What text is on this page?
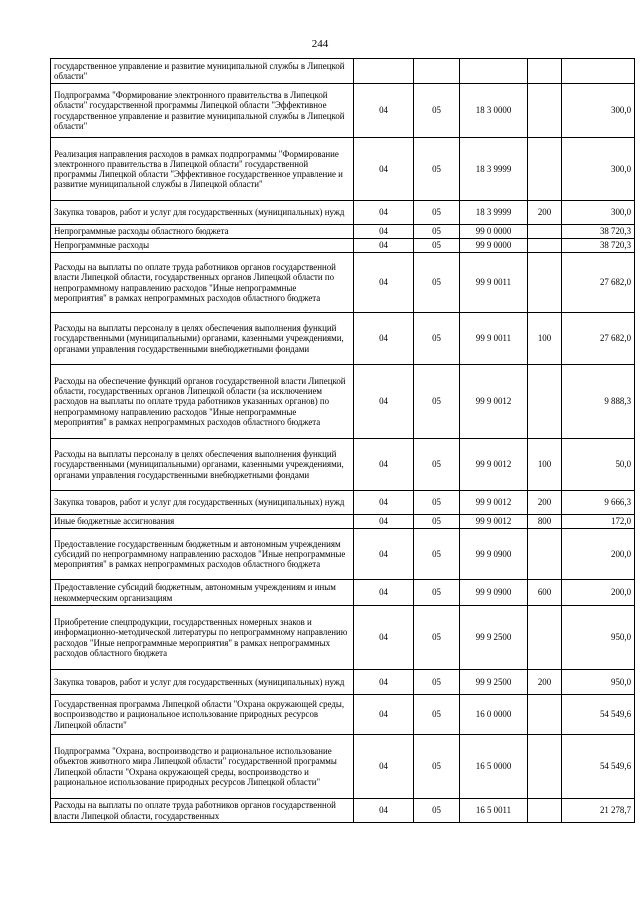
244
государственное управление и развитие муниципальной службы в Липецкой области"					
Подпрограмма "Формирование электронного правительства в Липецкой области" государственной программы Липецкой области "Эффективное государственное управление и развитие муниципальной службы в Липецкой области"	04	05	18 3 0000		300,0
Реализация направления расходов в рамках подпрограммы "Формирование электронного правительства в Липецкой области" государственной программы Липецкой области "Эффективное государственное управление и развитие муниципальной службы в Липецкой области"	04	05	18 3 9999		300,0
Закупка товаров, работ и услуг для государственных (муниципальных) нужд	04	05	18 3 9999	200	300,0
Непрограммные расходы областного бюджета	04	05	99 0 0000		38 720,3
Непрограммные расходы	04	05	99 9 0000		38 720,3
Расходы на выплаты по оплате труда работников органов государственной власти Липецкой области, государственных органов Липецкой области по непрограммному направлению расходов "Иные непрограммные мероприятия" в рамках непрограммных расходов областного бюджета	04	05	99 9 0011		27 682,0
Расходы на выплаты персоналу в целях обеспечения выполнения функций государственными (муниципальными) органами, казенными учреждениями, органами управления государственными внебюджетными фондами	04	05	99 9 0011	100	27 682,0
Расходы на обеспечение функций органов государственной власти Липецкой области, государственных органов Липецкой области (за исключением расходов на выплаты по оплате труда работников указанных органов) по непрограммному направлению расходов "Иные непрограммные мероприятия" в рамках непрограммных расходов областного бюджета	04	05	99 9 0012		9 888,3
Расходы на выплаты персоналу в целях обеспечения выполнения функций государственными (муниципальными) органами, казенными учреждениями, органами управления государственными внебюджетными фондами	04	05	99 9 0012	100	50,0
Закупка товаров, работ и услуг для государственных (муниципальных) нужд	04	05	99 9 0012	200	9 666,3
Иные бюджетные ассигнования	04	05	99 9 0012	800	172,0
Предоставление государственным бюджетным и автономным учреждениям субсидий по непрограммному направлению расходов "Иные непрограммные мероприятия" в рамках непрограммных расходов областного бюджета	04	05	99 9 0900		200,0
Предоставление субсидий бюджетным, автономным учреждениям и иным некоммерческим организациям	04	05	99 9 0900	600	200,0
Приобретение спецпродукции, государственных номерных знаков и информационно-методической литературы по непрограммному направлению расходов "Иные непрограммные мероприятия" в рамках непрограммных расходов областного бюджета	04	05	99 9 2500		950,0
Закупка товаров, работ и услуг для государственных (муниципальных) нужд	04	05	99 9 2500	200	950,0
Государственная программа Липецкой области "Охрана окружающей среды, воспроизводство и рациональное использование природных ресурсов Липецкой области"	04	05	16 0 0000		54 549,6
Подпрограмма "Охрана, воспроизводство и рациональное использование объектов животного мира Липецкой области" государственной программы Липецкой области "Охрана окружающей среды, воспроизводство и рациональное использование природных ресурсов Липецкой области"	04	05	16 5 0000		54 549,6
Расходы на выплаты по оплате труда работников органов государственной власти Липецкой области, государственных	04	05	16 5 0011		21 278,7
